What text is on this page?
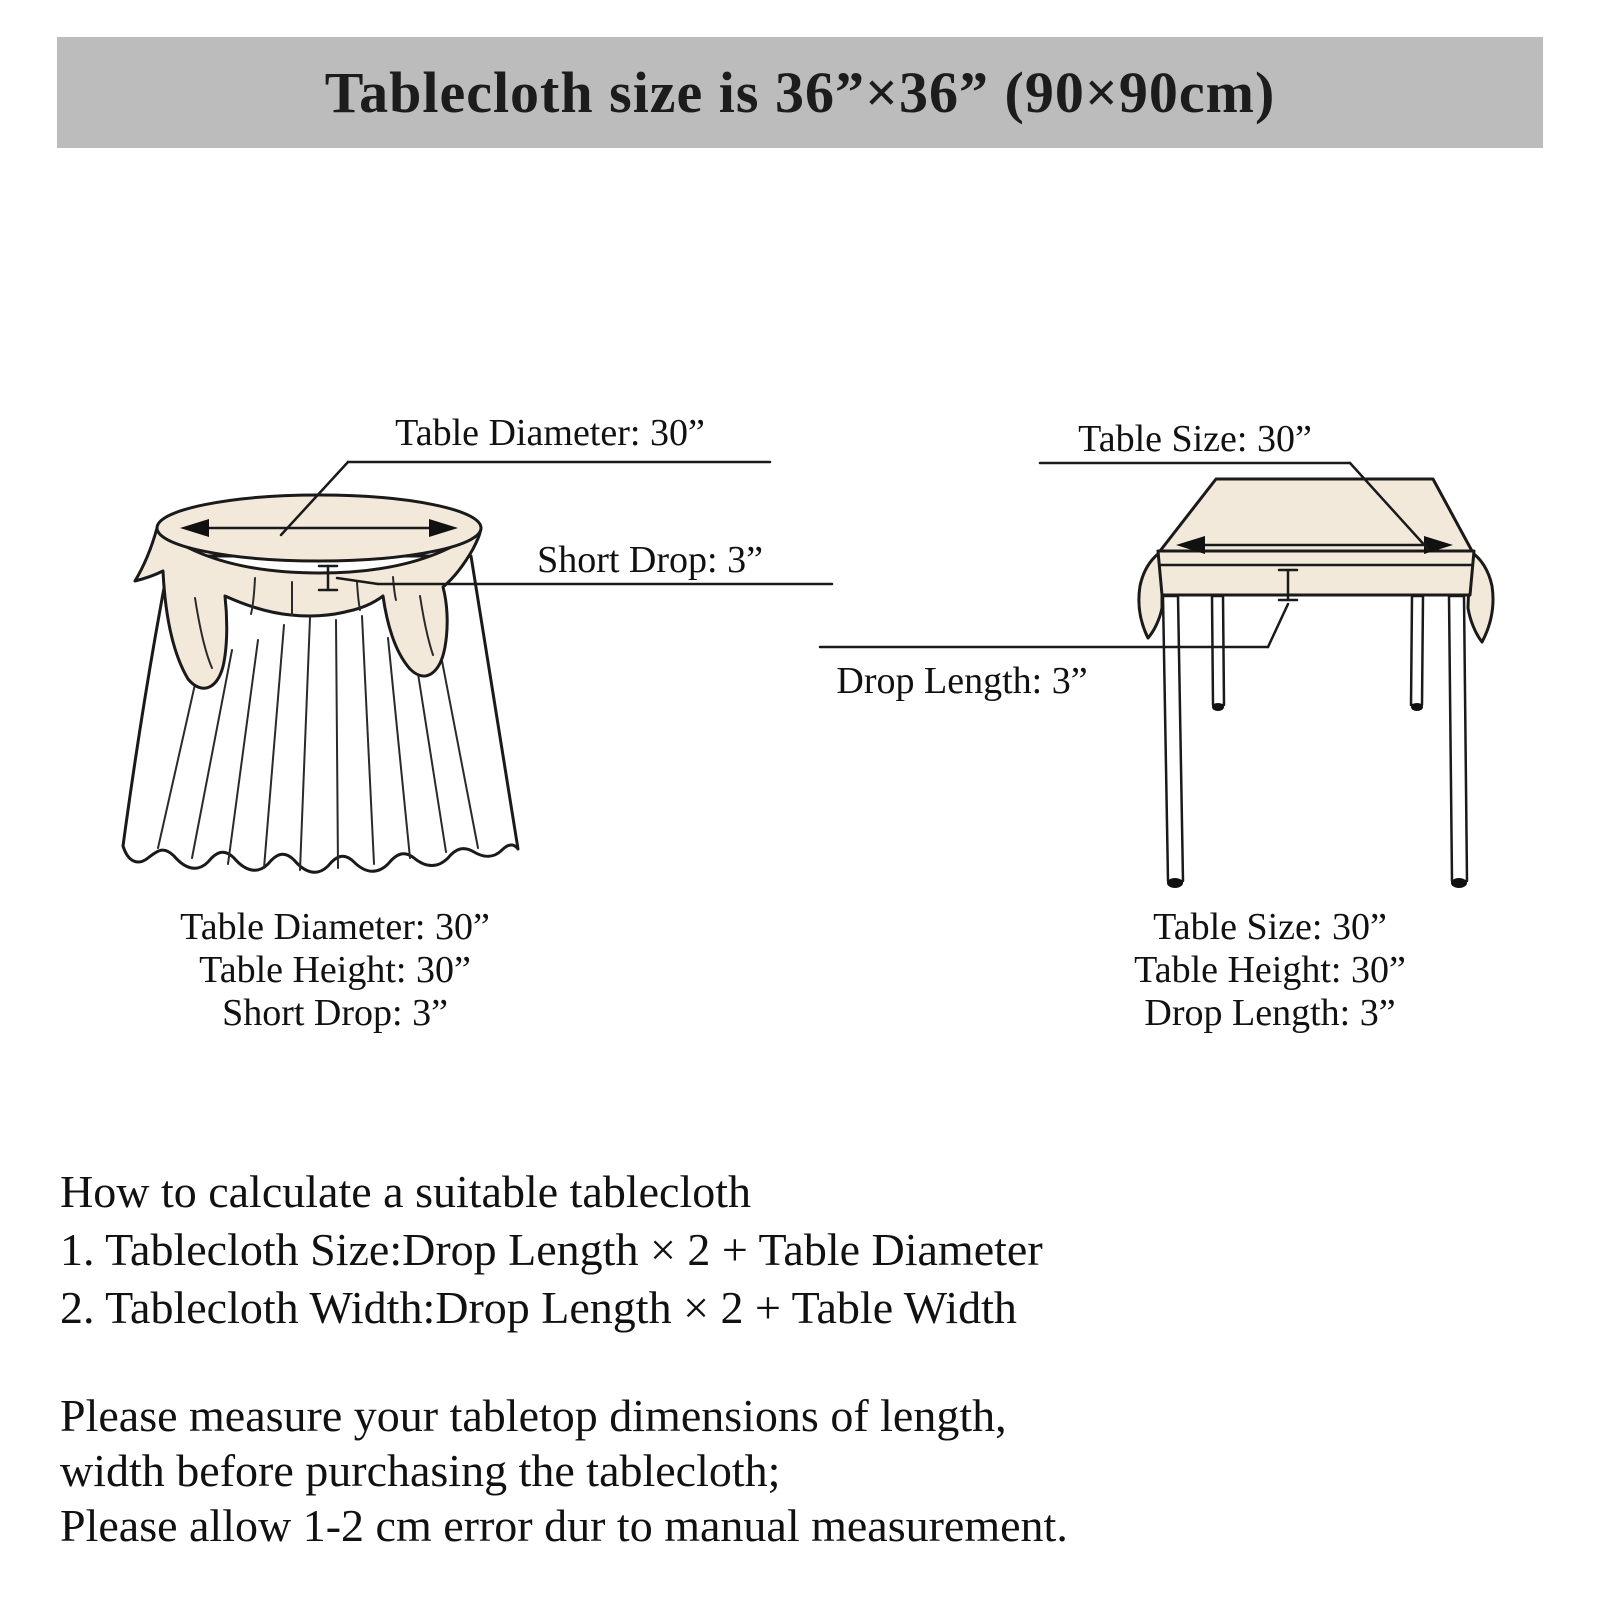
Tablecloth size is 36”×36” (90×90cm)
Short Drop: 3”
Table Diameter: 30”
Drop Length: 3”
Table Size: 30”
Table Diameter: 30”
Table Height: 30”
Short Drop: 3”
Table Size: 30”
Table Height: 30”
Drop Length: 3”
How to calculate a suitable tablecloth
1. Tablecloth Size:Drop Length × 2 + Table Diameter
2. Tablecloth Width:Drop Length × 2 + Table Width
Please measure your tabletop dimensions of length,
width before purchasing the tablecloth;
Please allow 1-2 cm error dur to manual measurement.
